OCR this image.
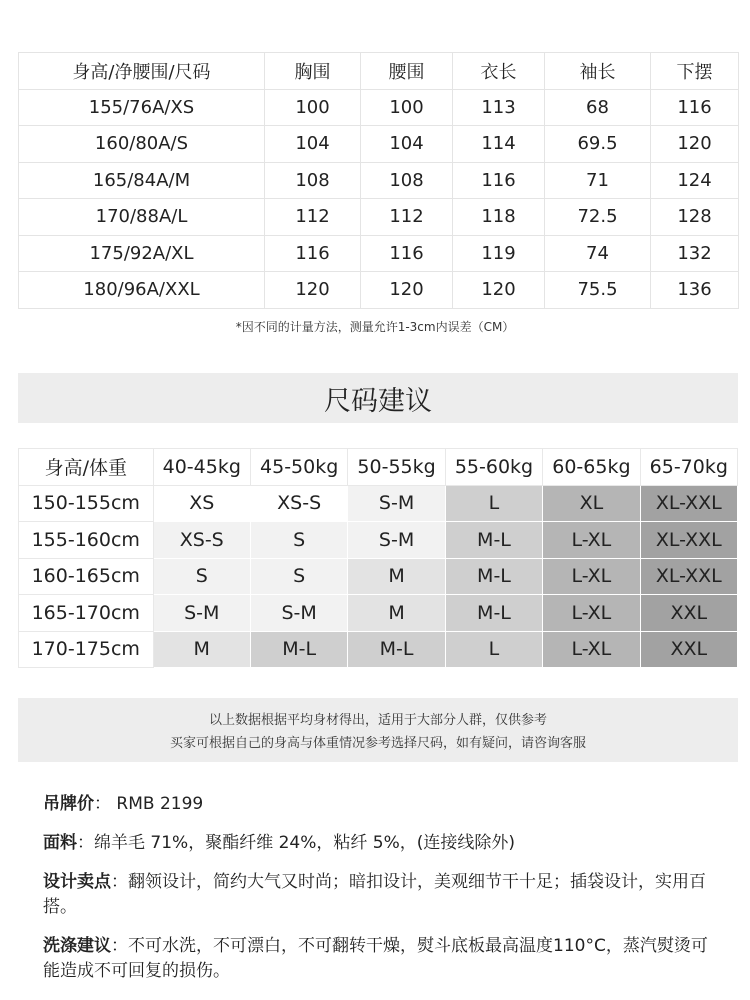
身高/净腰围/尺码	胸围	腰围	衣长	袖长	下摆
155/76A/XS	100	100	113	68	116
160/80A/S	104	104	114	69.5	120
165/84A/M	108	108	116	71	124
170/88A/L	112	112	118	72.5	128
175/92A/XL	116	116	119	74	132
180/96A/XXL	120	120	120	75.5	136
*因不同的计量方法，测量允许1-3cm内误差（CM）
尺码建议
身高/体重	40-45kg	45-50kg	50-55kg	55-60kg	60-65kg	65-70kg
150-155cm	XS	XS-S	S-M	L	XL	XL-XXL
155-160cm	XS-S	S	S-M	M-L	L-XL	XL-XXL
160-165cm	S	S	M	M-L	L-XL	XL-XXL
165-170cm	S-M	S-M	M	M-L	L-XL	XXL
170-175cm	M	M-L	M-L	L	L-XL	XXL
以上数据根据平均身材得出，适用于大部分人群，仅供参考
买家可根据自己的身高与体重情况参考选择尺码，如有疑问，请咨询客服
吊牌价： RMB 2199
面料：绵羊毛 71%，聚酯纤维 24%，粘纤 5%，(连接线除外)
设计卖点：翻领设计，简约大气又时尚；暗扣设计，美观细节干十足；插袋设计，实用百搭。
洗涤建议：不可水洗，不可漂白，不可翻转干燥，熨斗底板最高温度110°C，蒸汽熨烫可能造成不可回复的损伤。
